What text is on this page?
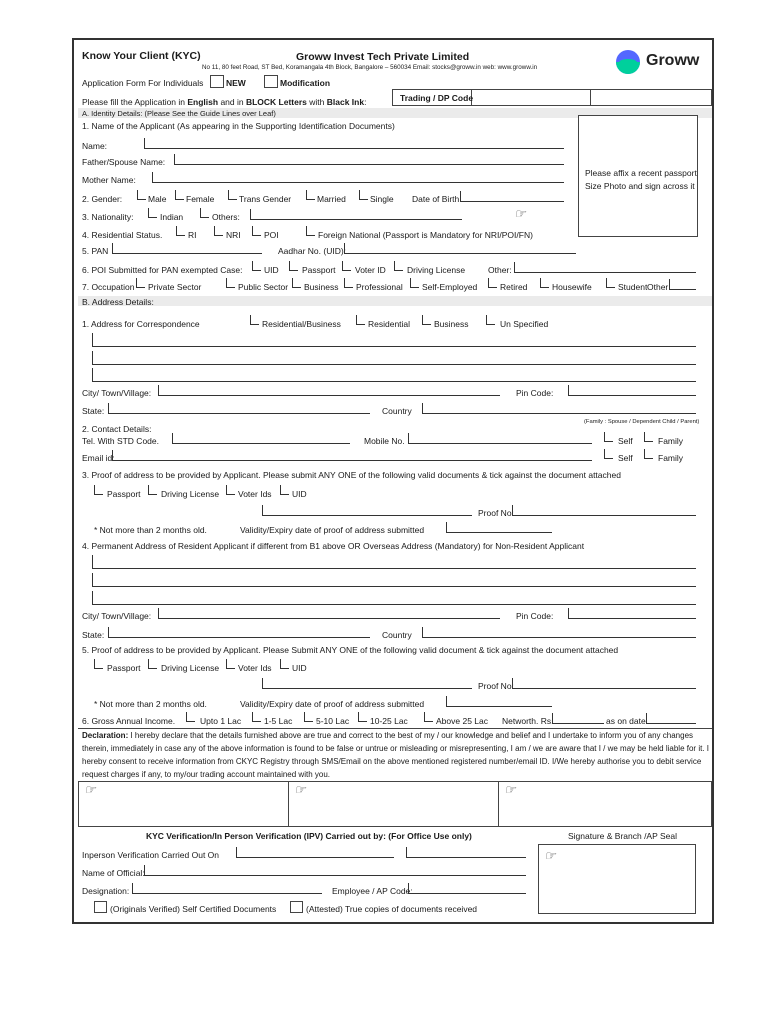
Know Your Client (KYC)	Groww Invest Tech Private Limited
No 11, 80 feet Road, ST Bed, Koramangala 4th Block, Bangalore – 560034 Email: stocks@groww.in web: www.groww.in	Groww
Application Form For Individuals	NEW	Modification
Please fill the Application in English and in BLOCK Letters with Black Ink:	Trading / DP Code
A. Identity Details: (Please See the Guide Lines over Leaf)
1. Name of the Applicant (As appearing in the Supporting Identification Documents)
Please affix a recent passport Size Photo and sign across it
Name:
Father/Spouse Name:
Mother Name:
2. Gender:	Male Female	Trans Gender	Married	Single Date of Birth:
3. Nationality:	Indian	Others:	☞
4. Residential Status.	RI	NRI	POI	Foreign National (Passport is Mandatory for NRI/POI/FN)
5. PAN	Aadhar No. (UID):
6. POI Submitted for PAN exempted Case:	UID	Passport Voter ID	Driving License	Other:
7. Occupation Private Sector	Public Sector Business Professional Self-Employed	Retired	Housewife	Student Other
B. Address Details:
1. Address for Correspondence	Residential/Business	Residential	Business	Un Specified
City/ Town/Village:	Pin Code:
State:	Country
(Family : Spouse / Dependent Child / Parent)
2. Contact Details:
Tel. With STD Code.	Mobile No.	Self	Family
Email id:	Self	Family
3. Proof of address to be provided by Applicant. Please submit ANY ONE of the following valid documents & tick against the document attached
Passport Driving License Voter Ids UID
Proof No:
* Not more than 2 months old.	Validity/Expiry date of proof of address submitted
4. Permanent Address of Resident Applicant if different from B1 above OR Overseas Address (Mandatory) for Non-Resident Applicant
City/ Town/Village:	Pin Code:
State:	Country
5. Proof of address to be provided by Applicant. Please Submit ANY ONE of the following valid document & tick against the document attached
Passport Driving License Voter Ids UID
Proof No:
* Not more than 2 months old.	Validity/Expiry date of proof of address submitted
6. Gross Annual Income.	Upto 1 Lac	1-5 Lac	5-10 Lac 10-25 Lac	Above 25 Lac Networth. Rs.	as on date
Declaration: I hereby declare that the details furnished above are true and correct to the best of my / our knowledge and belief and I undertake to inform you of any changes
therein, immediately in case any of the above information is found to be false or untrue or misleading or misrepresenting, I am / we are aware that I / we may be held liable for it. I
hereby consent to receive information from CKYC Registry through SMS/Email on the above mentioned registered number/email ID. I/We hereby authorise you to debit service
request charges if any, to my/our trading account maintained with you.
☞	☞	☞
KYC Verification/In Person Verification (IPV) Carried out by: (For Office Use only)	Signature & Branch /AP Seal
☞
Inperson Verification Carried Out On
Name of Official:
Designation:	Employee / AP Code:
(Originals Verified) Self Certified Documents	(Attested) True copies of documents received
